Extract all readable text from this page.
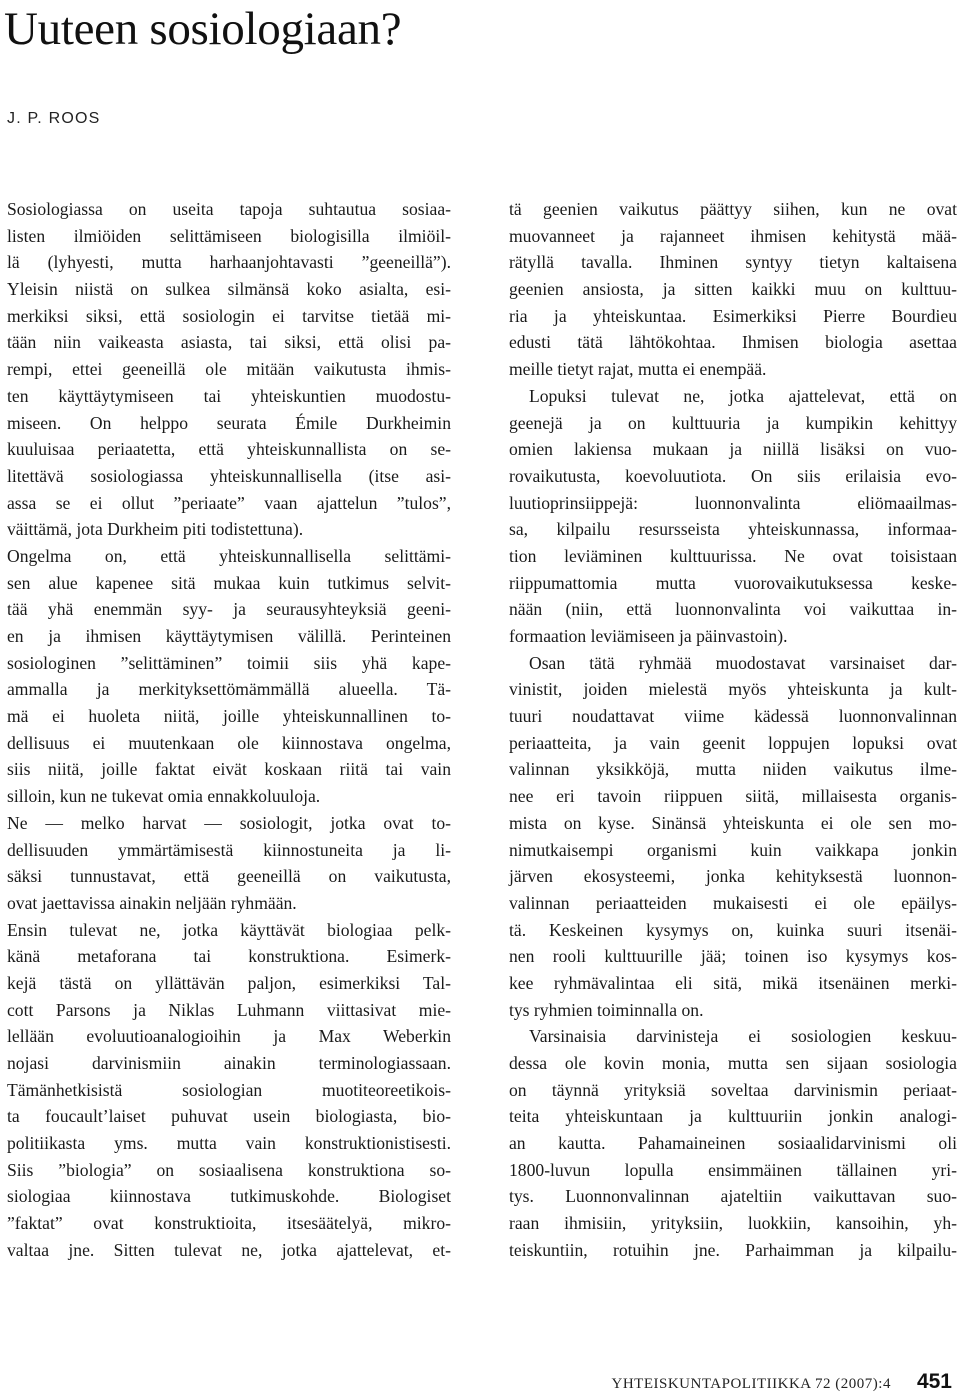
Uuteen sosiologiaan?
J. P. ROOS
Sosiologiassa on useita tapoja suhtautua sosiaa-
listen ilmiöiden selittämiseen biologisilla ilmiöil-
lä (lyhyesti, mutta harhaanjohtavasti ”geeneillä”).
Yleisin niistä on sulkea silmänsä koko asialta, esi-
merkiksi siksi, että sosiologin ei tarvitse tietää mi-
tään niin vaikeasta asiasta, tai siksi, että olisi pa-
rempi, ettei geeneillä ole mitään vaikutusta ihmis-
ten käyttäytymiseen tai yhteiskuntien muodostu-
miseen. On helppo seurata Émile Durkheimin
kuuluisaa periaatetta, että yhteiskunnallista on se-
litettävä sosiologiassa yhteiskunnallisella (itse asi-
assa se ei ollut ”periaate” vaan ajattelun ”tulos”,
väittämä, jota Durkheim piti todistettuna).
Ongelma on, että yhteiskunnallisella selittämi-
sen alue kapenee sitä mukaa kuin tutkimus selvit-
tää yhä enemmän syy- ja seurausyhteyksiä geeni-
en ja ihmisen käyttäytymisen välillä. Perinteinen
sosiologinen ”selittäminen” toimii siis yhä kape-
ammalla ja merkityksettömämmällä alueella. Tä-
mä ei huoleta niitä, joille yhteiskunnallinen to-
dellisuus ei muutenkaan ole kiinnostava ongelma,
siis niitä, joille faktat eivät koskaan riitä tai vain
silloin, kun ne tukevat omia ennakkoluuloja.
Ne — melko harvat — sosiologit, jotka ovat to-
dellisuuden ymmärtämisestä kiinnostuneita ja li-
säksi tunnustavat, että geeneillä on vaikutusta,
ovat jaettavissa ainakin neljään ryhmään.
Ensin tulevat ne, jotka käyttävät biologiaa pelk-
känä metaforana tai konstruktiona. Esimerk-
kejä tästä on yllättävän paljon, esimerkiksi Tal-
cott Parsons ja Niklas Luhmann viittasivat mie-
lellään evoluutioanalogioihin ja Max Weberkin
nojasi darvinismiin ainakin terminologiassaan.
Tämänhetkisistä sosiologian muotiteoreetikois-
ta foucault’laiset puhuvat usein biologiasta, bio-
politiikasta yms. mutta vain konstruktionistisesti.
Siis ”biologia” on sosiaalisena konstruktiona so-
siologiaa kiinnostava tutkimuskohde. Biologiset
”faktat” ovat konstruktioita, itsesäätelyä, mikro-
valtaa jne. Sitten tulevat ne, jotka ajattelevat, et-
tä geenien vaikutus päättyy siihen, kun ne ovat
muovanneet ja rajanneet ihmisen kehitystä mää-
rätyllä tavalla. Ihminen syntyy tietyn kaltaisena
geenien ansiosta, ja sitten kaikki muu on kulttuu-
ria ja yhteiskuntaa. Esimerkiksi Pierre Bourdieu
edusti tätä lähtökohtaa. Ihmisen biologia asettaa
meille tietyt rajat, mutta ei enempää.
Lopuksi tulevat ne, jotka ajattelevat, että on
geenejä ja on kulttuuria ja kumpikin kehittyy
omien lakiensa mukaan ja niillä lisäksi on vuo-
rovaikutusta, koevoluutiota. On siis erilaisia evo-
luutioprinsiippejä: luonnonvalinta eliömaailmas-
sa, kilpailu resursseista yhteiskunnassa, informaa-
tion leviäminen kulttuurissa. Ne ovat toisistaan
riippumattomia mutta vuorovaikutuksessa keske-
nään (niin, että luonnonvalinta voi vaikuttaa in-
formaation leviämiseen ja päinvastoin).
Osan tätä ryhmää muodostavat varsinaiset dar-
vinistit, joiden mielestä myös yhteiskunta ja kult-
tuuri noudattavat viime kädessä luonnonvalinnan
periaatteita, ja vain geenit loppujen lopuksi ovat
valinnan yksikköjä, mutta niiden vaikutus ilme-
nee eri tavoin riippuen siitä, millaisesta organis-
mista on kyse. Sinänsä yhteiskunta ei ole sen mo-
nimutkaisempi organismi kuin vaikkapa jonkin
järven ekosysteemi, jonka kehityksestä luonnon-
valinnan periaatteiden mukaisesti ei ole epäilys-
tä. Keskeinen kysymys on, kuinka suuri itsenäi-
nen rooli kulttuurille jää; toinen iso kysymys kos-
kee ryhmävalintaa eli sitä, mikä itsenäinen merki-
tys ryhmien toiminnalla on.
Varsinaisia darvinisteja ei sosiologien keskuu-
dessa ole kovin monia, mutta sen sijaan sosiologia
on täynnä yrityksiä soveltaa darvinismin periaat-
teita yhteiskuntaan ja kulttuuriin jonkin analogi-
an kautta. Pahamaineinen sosiaalidarvinismi oli
1800-luvun lopulla ensimmäinen tällainen yri-
tys. Luonnonvalinnan ajateltiin vaikuttavan suo-
raan ihmisiin, yrityksiin, luokkiin, kansoihin, yh-
teiskuntiin, rotuihin jne. Parhaimman ja kilpailu-
YHTEISKUNTAPOLITIIKKA 72 (2007):4 451
